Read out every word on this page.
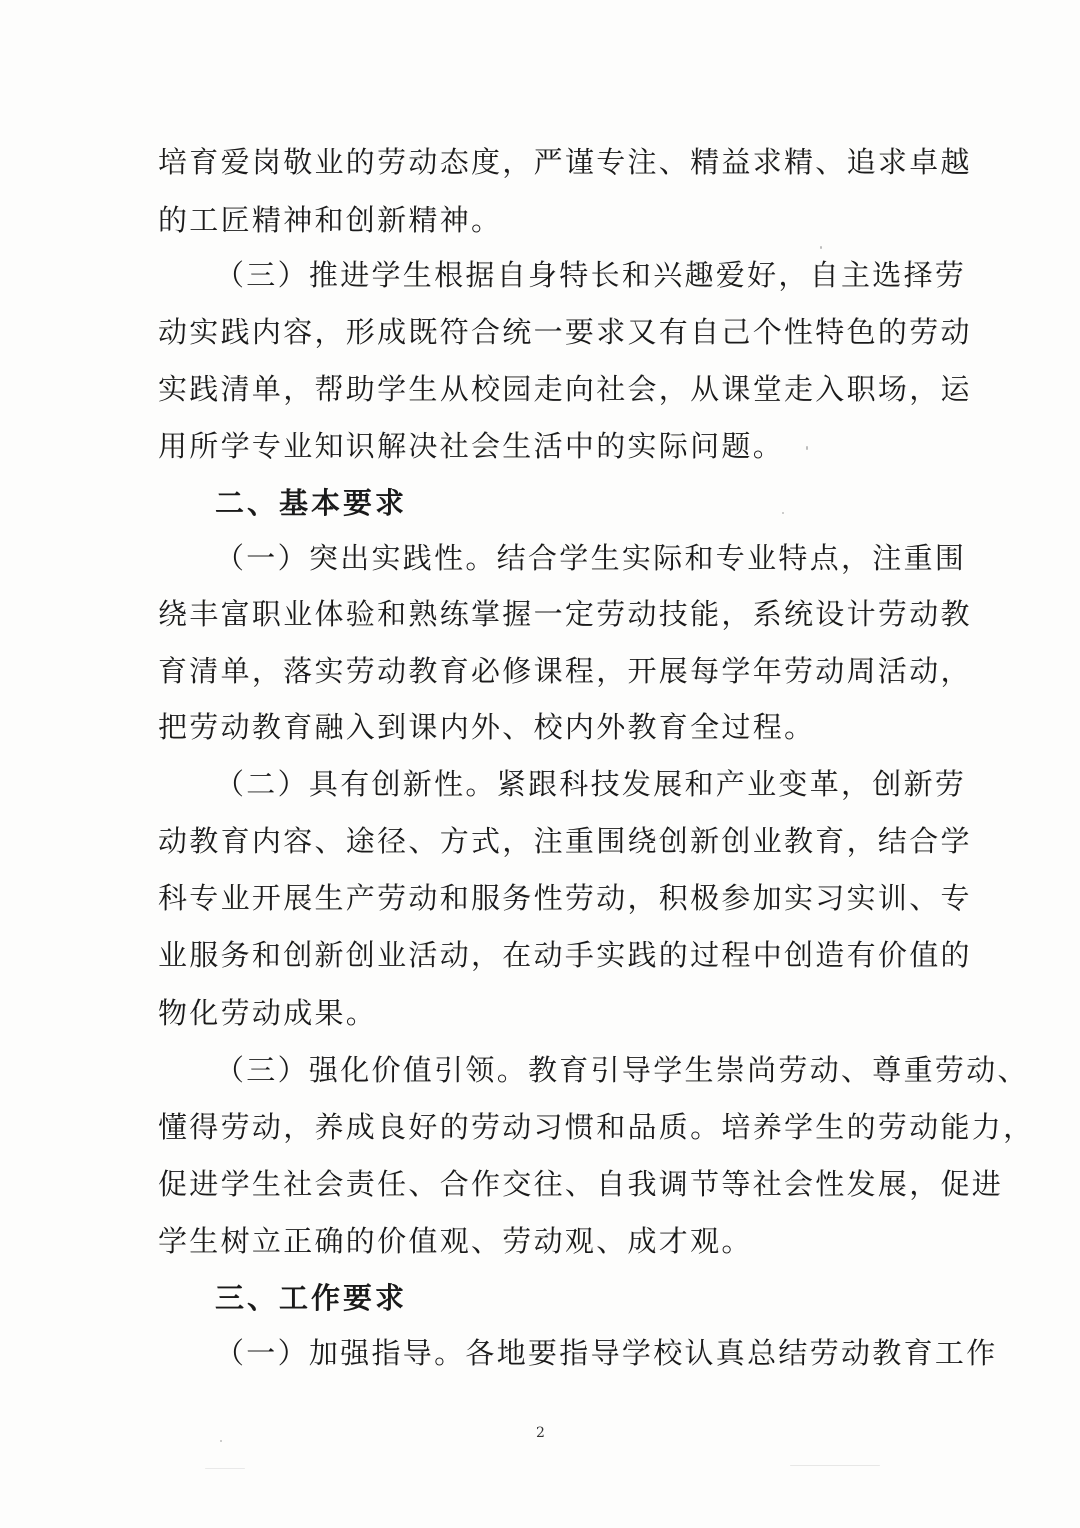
培育爱岗敬业的劳动态度，严谨专注、精益求精、追求卓越
的工匠精神和创新精神。
（三）推进学生根据自身特长和兴趣爱好，自主选择劳
动实践内容，形成既符合统一要求又有自己个性特色的劳动
实践清单，帮助学生从校园走向社会，从课堂走入职场，运
用所学专业知识解决社会生活中的实际问题。
二、基本要求
（一）突出实践性。结合学生实际和专业特点，注重围
绕丰富职业体验和熟练掌握一定劳动技能，系统设计劳动教
育清单，落实劳动教育必修课程，开展每学年劳动周活动，
把劳动教育融入到课内外、校内外教育全过程。
（二）具有创新性。紧跟科技发展和产业变革，创新劳
动教育内容、途径、方式，注重围绕创新创业教育，结合学
科专业开展生产劳动和服务性劳动，积极参加实习实训、专
业服务和创新创业活动，在动手实践的过程中创造有价值的
物化劳动成果。
（三）强化价值引领。教育引导学生崇尚劳动、尊重劳动、
懂得劳动，养成良好的劳动习惯和品质。培养学生的劳动能力，
促进学生社会责任、合作交往、自我调节等社会性发展，促进
学生树立正确的价值观、劳动观、成才观。
三、工作要求
（一）加强指导。各地要指导学校认真总结劳动教育工作
2
